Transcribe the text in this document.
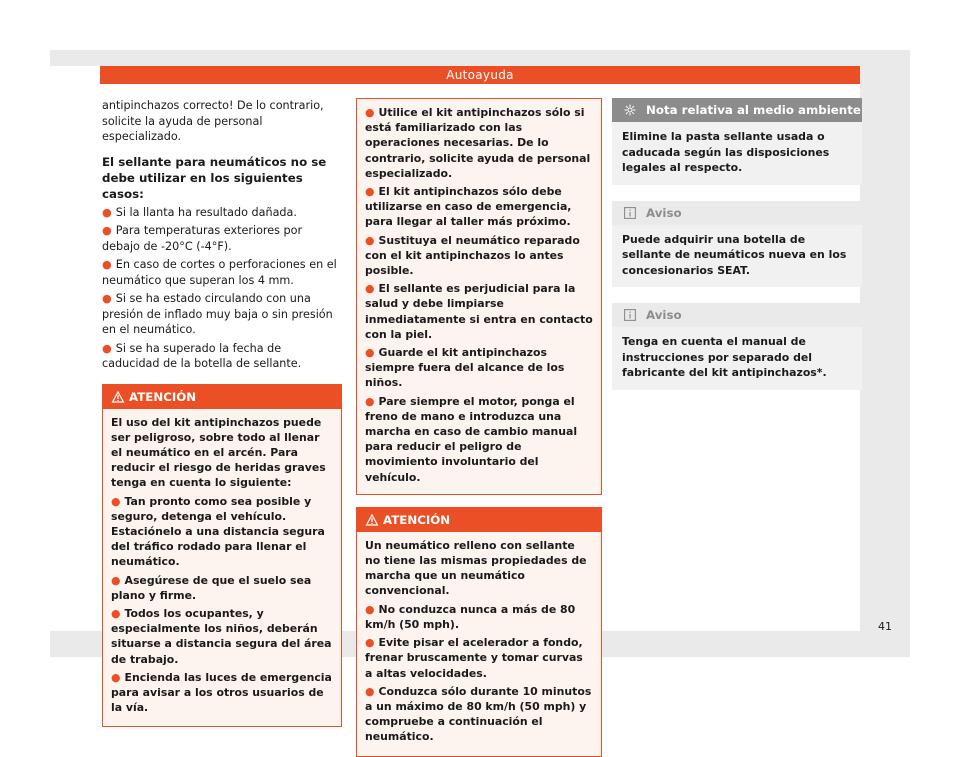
Autoayuda

antipinchazos correcto! De lo contrario, solicite la ayuda de personal especializado.

El sellante para neumáticos no se debe utilizar en los siguientes casos:
● Si la llanta ha resultado dañada.
● Para temperaturas exteriores por debajo de -20°C (-4°F).
● En caso de cortes o perforaciones en el neumático que superan los 4 mm.
● Si se ha estado circulando con una presión de inflado muy baja o sin presión en el neumático.
● Si se ha superado la fecha de caducidad de la botella de sellante.
ATENCIÓN

El uso del kit antipinchazos puede ser peligroso, sobre todo al llenar el neumático en el arcén. Para reducir el riesgo de heridas graves tenga en cuenta lo siguiente:

● Tan pronto como sea posible y seguro, detenga el vehículo. Estaciónelo a una distancia segura del tráfico rodado para llenar el neumático.
● Asegúrese de que el suelo sea plano y firme.
● Todos los ocupantes, y especialmente los niños, deberán situarse a distancia segura del área de trabajo.
● Encienda las luces de emergencia para avisar a los otros usuarios de la vía.
● Utilice el kit antipinchazos sólo si está familiarizado con las operaciones necesarias. De lo contrario, solicite ayuda de personal especializado.
● El kit antipinchazos sólo debe utilizarse en caso de emergencia, para llegar al taller más próximo.
● Sustituya el neumático reparado con el kit antipinchazos lo antes posible.
● El sellante es perjudicial para la salud y debe limpiarse inmediatamente si entra en contacto con la piel.
● Guarde el kit antipinchazos siempre fuera del alcance de los niños.
● Pare siempre el motor, ponga el freno de mano e introduzca una marcha en caso de cambio manual para reducir el peligro de movimiento involuntario del vehículo.
ATENCIÓN

Un neumático relleno con sellante no tiene las mismas propiedades de marcha que un neumático convencional.

● No conduzca nunca a más de 80 km/h (50 mph).
● Evite pisar el acelerador a fondo, frenar bruscamente y tomar curvas a altas velocidades.
● Conduzca sólo durante 10 minutos a un máximo de 80 km/h (50 mph) y compruebe a continuación el neumático.
Nota relativa al medio ambiente
Elimine la pasta sellante usada o caducada según las disposiciones legales al respecto.
Aviso
Puede adquirir una botella de sellante de neumáticos nueva en los concesionarios SEAT.
Aviso
Tenga en cuenta el manual de instrucciones por separado del fabricante del kit antipinchazos*.
41
